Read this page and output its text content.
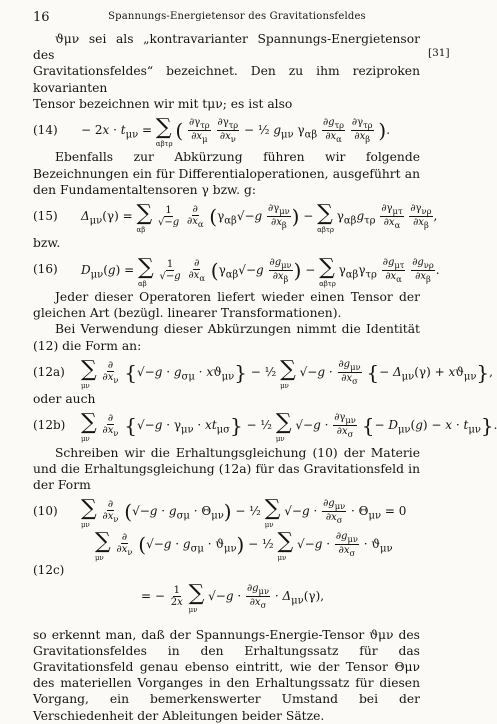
16	Spannungs-Energietensor des Gravitationsfeldes
[31]

ϑμν sei als „kontravarianter Spannungs-Energietensor des

Gravitationsfeldes“ bezeichnet. Den zu ihm reziproken kovarianten

Tensor bezeichnen wir mit tμν; es ist also

(14)	− $2x \cdot t_{\mu\nu}$ = ∑
αβτρ
( $\frac{\partial\gamma_{\tau\rho}}{\partial x_\mu}$
$\frac{\partial\gamma_{\tau\rho}}{\partial x_\nu}$ − ½ $g_{\mu\nu}$ $\gamma_{\alpha\beta} \frac{\partial g_{\tau\rho}}{\partial x_\alpha}$
$\frac{\partial\gamma_{\tau\rho}}{\partial x_\beta}$ ).

Ebenfalls zur Abkürzung führen wir folgende Bezeichnungen ein für Differentialoperationen, ausgeführt an den Fundamentaltensoren γ bzw. g:

(15)	$\Delta_{\mu\nu}(\gamma)$ = ∑
αβ

$\frac{1}{√-g}$
$\frac{\partial}{\partial x_\alpha} (\gamma_{\alpha\beta}√-g \frac{\partial\gamma_{\mu\nu}}{\partial x_\beta}$ ) − ∑
αβτρ
$\gamma_{\alpha\beta}g_{\tau\rho} \frac{\partial\gamma_{\mu\tau}}{\partial x_\alpha}$
$\frac{\partial\gamma_{\nu\rho}}{\partial x_\beta}$ ,

bzw.

(16)	$D_{\mu\nu}(g)$ = ∑
αβ

$\frac{1}{√-g}$
$\frac{\partial}{\partial x_\alpha} (\gamma_{\alpha\beta}√-g \frac{\partial g_{\mu\nu}}{\partial x_\beta}$ ) − ∑
αβτρ
$\gamma_{\alpha\beta}\gamma_{\tau\rho} \frac{\partial g_{\mu\tau}}{\partial x_\alpha}$
$\frac{\partial g_{\nu\rho}}{\partial x_\beta}$ .

Jeder dieser Operatoren liefert wieder einen Tensor der gleichen Art (bezügl. linearer Transformationen).

Bei Verwendung dieser Abkürzungen nimmt die Identität (12) die Form an:

(12a) ∑
μν

$\frac{\partial}{\partial x_\nu} \{√-g \cdot g_{\sigma\mu} \cdot xϑ_{\mu\nu}\}$ − ½ ∑
μν
$√-g \cdot \frac{\partial g_{\mu\nu}}{\partial x_\sigma}$ {− $\Delta_{\mu\nu}(\gamma) + xϑ_{\mu\nu}$},

oder auch

(12b) ∑
μν

$\frac{\partial}{\partial x_\nu} \{√-g \cdot \gamma_{\mu\nu} \cdot xt_{\mu\sigma}\}$ − ½ ∑
μν
$√-g \cdot \frac{\partial\gamma_{\mu\nu}}{\partial x_\sigma}$ {− $D_{\mu\nu}(g) - x \cdot t_{\mu\nu}$}

Schreiben wir die Erhaltungsgleichung (10) der Materie und die Erhaltungsgleichung (12a) für das Gravitationsfeld in der Form

(10)	∑
μν

$\frac{\partial}{\partial x_\nu} (√-g \cdot g_{\sigma\mu} \cdot \Theta_{\mu\nu})$ − ½ ∑
μν
$√-g \cdot \frac{\partial g_{\mu\nu}}{\partial x_\sigma} \cdot \Theta_{\mu\nu} = 0$
(12c)
∑
μν

$\frac{\partial}{\partial x_\nu} (√-g \cdot g_{\sigma\mu} \cdot ϑ_{\mu\nu})$ − ½ ∑
μν
$√-g \cdot \frac{\partial g_{\mu\nu}}{\partial x_\sigma} \cdot ϑ_{\mu\nu}$
= − $\frac{1}{2x}$ ∑
μν
$√-g \cdot \frac{\partial g_{\mu\nu}}{\partial x_\sigma} \cdot \Delta_{\mu\nu}(\gamma)$,

so erkennt man, daß der Spannungs-Energie-Tensor ϑμν des Gravitationsfeldes in den Erhaltungssatz für das Gravitationsfeld genau ebenso eintritt, wie der Tensor Θμν des materiellen Vorganges in den Erhaltungssatz für diesen Vorgang, ein bemerkenswerter Umstand bei der Verschiedenheit der Ableitungen beider Sätze.
